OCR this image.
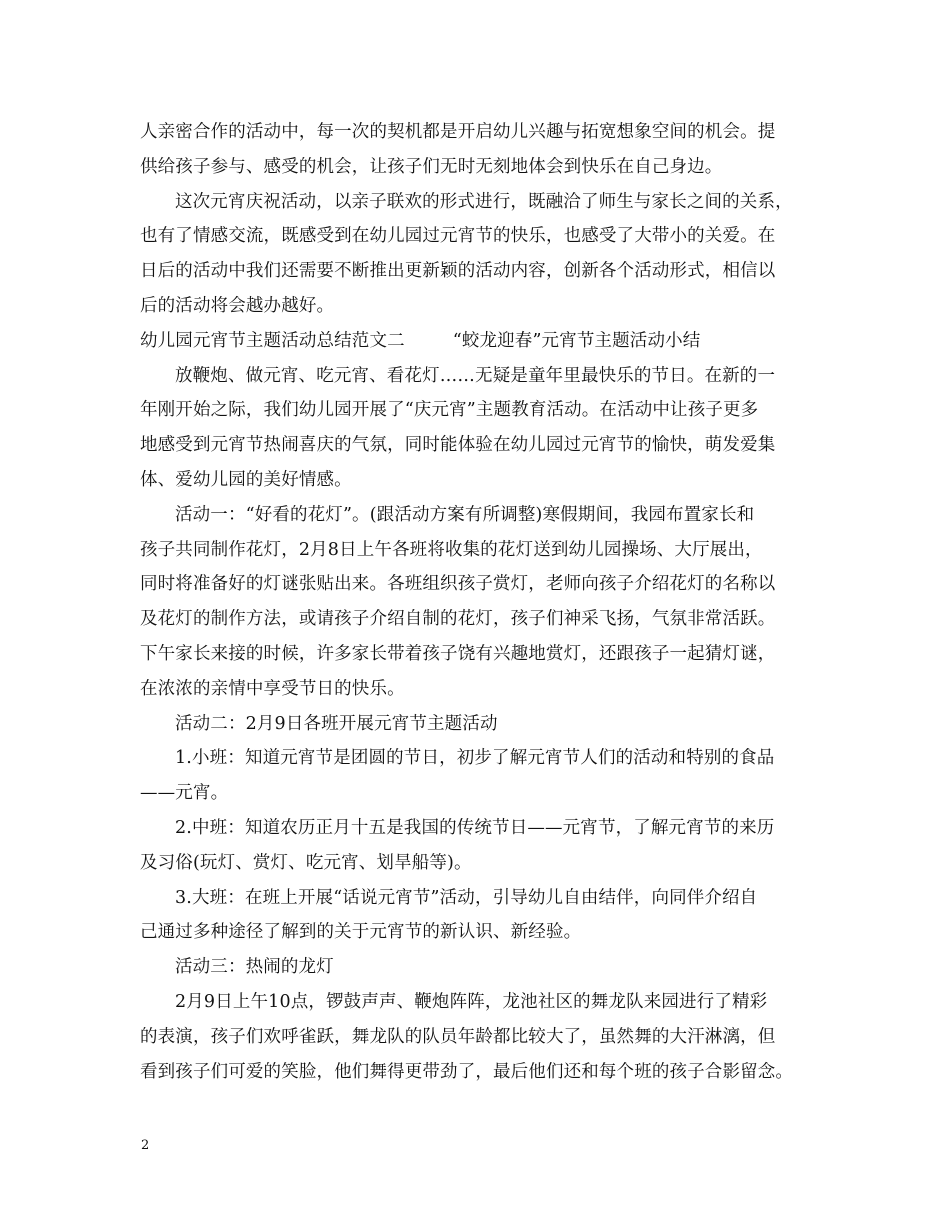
人亲密合作的活动中，每一次的契机都是开启幼儿兴趣与拓宽想象空间的机会。提
供给孩子参与、感受的机会，让孩子们无时无刻地体会到快乐在自己身边。
这次元宵庆祝活动，以亲子联欢的形式进行，既融洽了师生与家长之间的关系，
也有了情感交流，既感受到在幼儿园过元宵节的快乐，也感受了大带小的关爱。在
日后的活动中我们还需要不断推出更新颖的活动内容，创新各个活动形式，相信以
后的活动将会越办越好。
幼儿园元宵节主题活动总结范文二	“蛟龙迎春”元宵节主题活动小结
放鞭炮、做元宵、吃元宵、看花灯……无疑是童年里最快乐的节日。在新的一
年刚开始之际，我们幼儿园开展了“庆元宵”主题教育活动。在活动中让孩子更多
地感受到元宵节热闹喜庆的气氛，同时能体验在幼儿园过元宵节的愉快，萌发爱集
体、爱幼儿园的美好情感。
活动一：“好看的花灯”。(跟活动方案有所调整)寒假期间，我园布置家长和
孩子共同制作花灯，2月8日上午各班将收集的花灯送到幼儿园操场、大厅展出，
同时将准备好的灯谜张贴出来。各班组织孩子赏灯，老师向孩子介绍花灯的名称以
及花灯的制作方法，或请孩子介绍自制的花灯，孩子们神采飞扬，气氛非常活跃。
下午家长来接的时候，许多家长带着孩子饶有兴趣地赏灯，还跟孩子一起猜灯谜，
在浓浓的亲情中享受节日的快乐。
活动二：2月9日各班开展元宵节主题活动
1.小班：知道元宵节是团圆的节日，初步了解元宵节人们的活动和特别的食品
——元宵。
2.中班：知道农历正月十五是我国的传统节日——元宵节，了解元宵节的来历
及习俗(玩灯、赏灯、吃元宵、划旱船等)。
3.大班：在班上开展“话说元宵节”活动，引导幼儿自由结伴，向同伴介绍自
己通过多种途径了解到的关于元宵节的新认识、新经验。
活动三：热闹的龙灯
2月9日上午10点，锣鼓声声、鞭炮阵阵，龙池社区的舞龙队来园进行了精彩
的表演，孩子们欢呼雀跃，舞龙队的队员年龄都比较大了，虽然舞的大汗淋漓，但
看到孩子们可爱的笑脸，他们舞得更带劲了，最后他们还和每个班的孩子合影留念。
2
